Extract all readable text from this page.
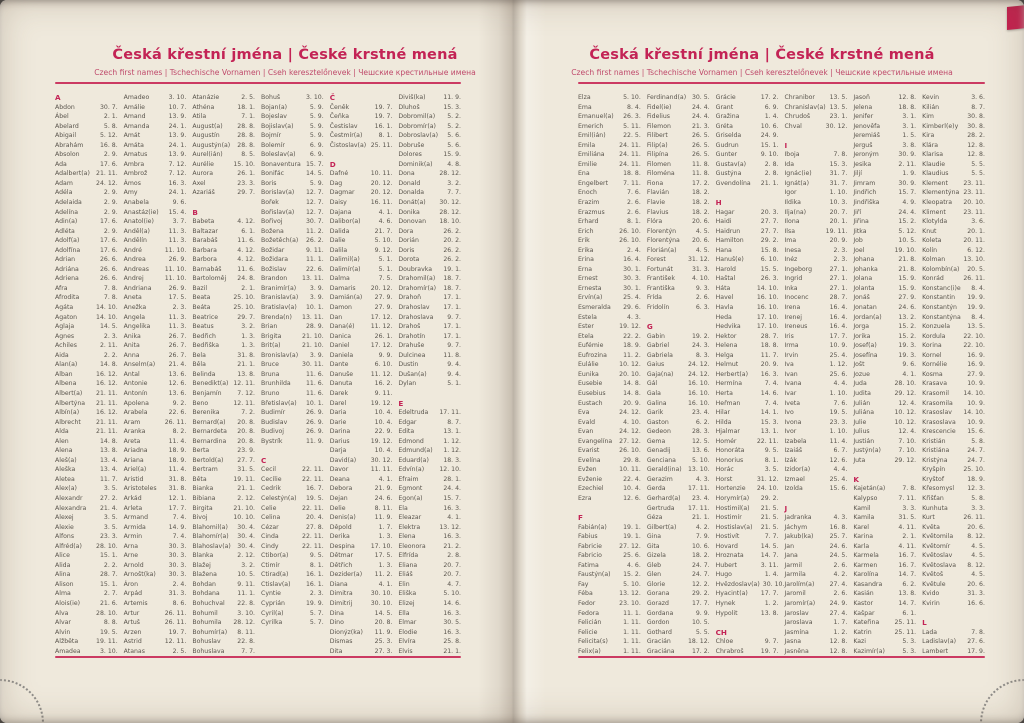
Česká křestní jména | České krstné mená
Czech first names | Tschechische Vornamen | Cseh keresztelőnevek | Чешские крестильные имена
A
Abdon	30. 7.
Ábel	2. 1.
Abelard	5. 8.
Abigail	5. 12.
Abrahám	16. 8.
Absolon	2. 9.
Ada	17. 6.
Adalbert(a) 21. 11.
Adam	24. 12.
Adéla	2. 9.
Adelaida	2. 9.
Adelína	2. 9.
Adin(a)	17. 6.
Adléta	2. 9.
Adolf(a)	17. 6.
Adolfína	17. 6.
Adrian	26. 6.
Adriána	26. 6.
Adriena	26. 6.
Afra	7. 8.
Afrodita	7. 8.
Agáta	14. 10.
Agaton	14. 10.
Aglaja	14. 5.
Agnes	2. 3.
Achiles	2. 11.
Aida	2. 2.
Alan(a)	14. 8.
Alban	16. 12.
Albena	16. 12.
Albert(a) 21. 11.
Albertýna 21. 11.
Albín(a)	16. 12.
Albrecht 21. 11.
Alda	21. 11.
Alen	14. 8.
Alena	13. 8.
Aleš(a)	13. 4.
Aleška	13. 4.
Aletea	11. 7.
Alex(a)	3. 5.
Alexandr	27. 2.
Alexandra 21. 4.
Alexej	3. 5.
Alexie	3. 5.
Alfons	23. 3.
Alfréd(a) 28. 10.
Alice	15. 1.
Alida	2. 2.
Alina	28. 7.
Alison	15. 1.
Alma	2. 7.
Alois(ie)	21. 6.
Alva	28. 10.
Alvar	8. 8.
Alvin	19. 5.
Alžběta	19. 11.
Amadea	3. 10.
Amadeo	3. 10.
Amálie	10. 7.
Amand	13. 9.
Amanda	24. 1.
Amát	13. 9.
Amáta	24. 1.
Amatus	13. 9.
Ambra	7. 12.
Ambrož	7. 12.
Ámos	16. 3.
Amy	24. 1.
Anabela	9. 6.
Anastáz(ie) 15. 4.
Anatol(ie)	3. 7.
Anděl(a)	11. 3.
Andělín	11. 3.
André	11. 10.
Andrea	26. 9.
Andreas	11. 10.
Andrej	11. 10.
Andriana	26. 9.
Aneta	17. 5.
Anežka	2. 3.
Angela	11. 3.
Angelika	11. 3.
Anika	26. 7.
Anita	26. 7.
Anna	26. 7.
Anselm(a) 21. 4.
Antal	13. 6.
Antonie	12. 6.
Antonín	13. 6.
Apolena	9. 2.
Arabela	22. 6.
Aram	26. 11.
Aranka	8. 2.
Areta	11. 4.
Ariadna	18. 9.
Ariana	18. 9.
Ariel(a)	11. 4.
Aristid	31. 8.
Aristoteles 31. 8.
Arkád	12. 1.
Arleta	17. 7.
Armand	7. 4.
Armida	14. 9.
Armin	7. 4.
Arna	30. 3.
Arne	30. 3.
Arnold	30. 3.
Arnošt(ka) 30. 3.
Áron	2. 4.
Arpád	31. 3.
Artemis	8. 6.
Artur	26. 11.
Artuš	26. 11.
Arzen	19. 7.
Astrid	12. 11.
Atanas	2. 5.
Atanázie	2. 5.
Athéna	18. 1.
Atila	7. 1.
August(a) 28. 8.
Augustín	28. 8.
Augustýn(a) 28. 8.
Aurel(ián)	8. 5.
Aurélie	15. 10.
Aurora	26. 1.
Axel	23. 3.
Azariáš	29. 7.
B
Babeta	4. 12.
Baltazar	6. 1.
Barabáš	11. 6.
Barbara	4. 12.
Barbora	4. 12.
Barnabáš	11. 6.
Bartoloměj 24. 8.
Bazil	2. 1.
Beata	25. 10.
Beáta	25. 10.
Beatrice	29. 7.
Beatus	3. 2.
Bedřich	1. 3.
Bedřiška	1. 3.
Bela	31. 8.
Běla	21. 1.
Belinda	13. 8.
Benedikt(a) 12. 11.
Benjamín	7. 12.
Beno	12. 11.
Berenika	7. 2.
Bernard(a) 20. 8.
Bernardeta 20. 8.
Bernardina 20. 8.
Berta	23. 9.
Bertold(a) 27. 7.
Bertram	31. 5.
Běta	19. 11.
Bianka	21. 1.
Bibiana	2. 12.
Birgita	21. 10.
Bivoj	10. 10.
Blahomil(a) 30. 4.
Blahomír(a) 30. 4.
Blahoslav(a) 30. 4.
Blanka	2. 12.
Blažej	3. 2.
Blažena	10. 5.
Bohdan	9. 11.
Bohdana	11. 1.
Bohuchval 22. 8.
Bohumil	3. 10.
Bohumila 28. 12.
Bohumír(a) 8. 11.
Bohuslav	22. 8.
Bohuslava	7. 7.
Bohuš	3. 10.
Bojan(a)	5. 9.
Bojeslav	5. 9.
Bojislav(a)	5. 9.
Bojmír	5. 9.
Bolemír	6. 9.
Boleslav(a) 6. 9.
Bonaventura 15. 7.
Bonifác	14. 5.
Boris	5. 9.
Borislav(a) 12. 7.
Bořek	12. 7.
Bořislav(a) 12. 7.
Bořivoj	30. 7.
Božena	11. 2.
Božetěch(a) 26. 2.
Božidar	9. 11.
Božidara	11. 1.
Božislav	22. 6.
Brandon 13. 11.
Branimír(a) 3. 9.
Branislav(a) 3. 9.
Bratislav(a) 10. 1.
Brenda(n) 13. 11.
Brian	28. 9.
Brigita	21. 10.
Brit(a)	21. 10.
Bronislav(a) 3. 9.
Bruce	30. 11.
Bruna	11. 6.
Brunhilda 11. 6.
Bruno	11. 6.
Břetislav(a) 10. 1.
Budimír	26. 9.
Budislav	26. 9.
Budivoj	26. 9.
Bystrík	11. 9.
C
Cecil	22. 11.
Cecílie	22. 11.
Cedrik	16. 7.
Celestýn(a) 19. 5.
Celie	22. 11.
Celina	20. 4.
Cézar	27. 8.
Cinda	22. 11.
Cindy	22. 11.
Ctibor(a)	9. 5.
Ctimír	8. 1.
Ctirad(a)	16. 1.
Ctislav(a) 16. 1.
Cyntie	2. 3.
Cyprián	19. 9.
Cyril(a)	5. 7.
Cyrilka	5. 7.
Č
Čeněk	19. 7.
Čeňka	19. 7.
Čestislav	16. 1.
Čestmír(a)	8. 1.
Čistoslav(a) 25. 11.
D
Dafné	10. 11.
Dag	20. 12.
Dagmar	20. 12.
Daisy	16. 11.
Dajana	4. 1.
Dalibor(a)	4. 6.
Dalida	21. 7.
Dalie	5. 10.
Dalila	9. 12.
Dalimil(a)	5. 1.
Dalimír(a)	5. 1.
Dalma	7. 5.
Damaris 20. 12.
Damián(a) 27. 9.
Damon	27. 9.
Dan	17. 12.
Dana(é)	11. 12.
Danica	26. 1.
Daniel	17. 12.
Daniela	9. 9.
Dante	6. 10.
Danuše	11. 12.
Danuta	16. 2.
Darek	9. 11.
Darel	19. 12.
Daria	10. 4.
Darie	10. 4.
Darina	22. 9.
Darius	19. 12.
Darja	10. 4.
David(a) 30. 12.
Davor	11. 11.
Deana	4. 1.
Debora	21. 9.
Dejan	24. 6.
Delie	8. 11.
Denis(a)	11. 9.
Děpold	1. 7.
Derika	1. 3.
Despina	17. 10.
Dětmar	17. 5.
Dětřich	1. 3.
Dezider(a) 11. 2.
Diana	4. 1.
Dimitra	30. 10.
Dimitrij	30. 10.
Dina	14. 5.
Dino	20. 8.
Dionýz(ka) 11. 9.
Dismas	25. 3.
Dita	27. 3.
Diviš(ka)	11. 9.
Dluhoš	15. 3.
Dobromil(a) 5. 2.
Dobromír(a) 5. 2.
Dobroslav(a) 5. 6.
Dobruše	5. 6.
Dolores	15. 9.
Dominik(a) 4. 8.
Dona	28. 12.
Donald	3. 2.
Donalda	7. 7.
Donát(a) 30. 12.
Donika	28. 12.
Donovan 18. 10.
Dora	26. 2.
Dorián	20. 2.
Doris	26. 2.
Dorota	26. 2.
Doubravka 19. 1.
Drahomil(a) 18. 7.
Drahomír(a) 18. 7.
Drahoň	17. 1.
Drahoslav 17. 1.
Drahoslava 9. 7.
Drahoš	17. 1.
Drahotín	17. 1.
Drahuše	9. 7.
Dulcinea	11. 8.
Dustin	9. 4.
Dušan(a)	9. 4.
Dylan	5. 1.
E
Edeltruda 17. 11.
Edgar	8. 7.
Edita	13. 1.
Edmond	1. 12.
Edmund(a) 1. 12.
Eduard(a) 18. 3.
Edvín(a) 12. 10.
Efraim	28. 1.
Egmont	24. 4.
Egon(a)	15. 7.
Ela	16. 3.
Eleazar	4. 1.
Elektra	13. 12.
Elena	16. 3.
Eleonora	21. 2.
Elfrída	2. 8.
Eliana	20. 7.
Eliáš	20. 7.
Elin	4. 7.
Eliška	5. 10.
Elizej	14. 6.
Ella	16. 3.
Elmar	30. 5.
Elodie	16. 3.
Elvíra	25. 8.
Elvis	21. 1.
Česká křestní jména | České krstné mená
Czech first names | Tschechische Vornamen | Cseh keresztelőnevek | Чешские крестильные имена
Elza	5. 10.
Ema	8. 4.
Emanuel(a) 26. 3.
Emerich	5. 11.
Emil(ián)	22. 5.
Emila	24. 11.
Emiliána 24. 11.
Emilie	24. 11.
Ena	18. 8.
Engelbert 7. 11.
Enoch	7. 6.
Erazim	2. 6.
Erazmus	2. 6.
Erhard	8. 1.
Erich	26. 10.
Erik	26. 10.
Erika	2. 4.
Erina	16. 4.
Erna	30. 1.
Ernest	30. 3.
Ernesta	30. 1.
Ervín(a)	25. 4.
Esmeralda 29. 6.
Estela	4. 3.
Ester	19. 12.
Etela	22. 2.
Eufémie	18. 9.
Eufrozina	11. 2.
Eulálie	10. 12.
Eunika	20. 10.
Eusebie	14. 8.
Eusebius	14. 8.
Eustach	20. 9.
Eva	24. 12.
Evald	4. 10.
Evan	24. 12.
Evangelína 27. 12.
Evarist	26. 10.
Evelína	29. 8.
Evžen	10. 11.
Evženie	22. 4.
Ezechiel	10. 4.
Ezra	12. 6.
F
Fabián(a)	19. 1.
Fabius	19. 1.
Fabricie	27. 12.
Fabricio	25. 6.
Fatima	4. 6.
Faustýn(a) 15. 2.
Fay	5. 10.
Féba	13. 12.
Fedor	23. 10.
Fedora	11. 1.
Felicián	1. 11.
Felicie	1. 11.
Felicita(s) 1. 11.
Felix(a)	1. 11.
Ferdinand(a) 30. 5.
Fidel(ie)	24. 4.
Fidelius	24. 4.
Filemon	21. 3.
Filibert	26. 5.
Filip(a)	26. 5.
Filipína	26. 5.
Filomen	11. 8.
Filoména	11. 8.
Fiona	17. 2.
Flavián	18. 2.
Flavie	18. 2.
Flavius	18. 2.
Flóra	20. 6.
Florentýn	4. 5.
Florentýna 20. 6.
Florián(a)	4. 5.
Forest	31. 12.
Fortunát	31. 3.
František	4. 10.
Františka	9. 3.
Frída	2. 6.
Fridolín	6. 3.
G
Gabin	19. 2.
Gabriel	24. 3.
Gabriela	8. 3.
Gaius	24. 12.
Gaja(na) 24. 12.
Gál	16. 10.
Gala	16. 10.
Galina	16. 10.
Garik	23. 4.
Gaston	6. 2.
Gedeon	28. 3.
Gema	12. 5.
Genadij	13. 6.
Genciana	5. 10.
Gerald(ina) 13. 10.
Gerazim	4. 3.
Gerda	17. 11.
Gerhard(a) 23. 4.
Gertruda 17. 11.
Géza	21. 1.
Gilbert(a)	4. 2.
Gina	7. 9.
Gita	10. 6.
Gizela	18. 2.
Gleb	24. 7.
Glen	24. 7.
Glorie	12. 2.
Gorana	29. 2.
Gorazd	17. 7.
Gordana	9. 9.
Gordon	10. 5.
Gothard	5. 5.
Gracián	18. 12.
Graciána	17. 2.
Grácie	17. 2.
Grant	6. 9.
Gražina	1. 4.
Gréta	10. 6.
Griselda	24. 9.
Gudrun	15. 1.
Gunter	9. 10.
Gustav(a)	2. 8.
Gustýna	2. 8.
Gvendolína 21. 1.
H
Hagar	20. 3.
Haidi	27. 7.
Haidrun	27. 7.
Hamilton	29. 2.
Hana	15. 8.
Hanuš(e)	6. 10.
Harold	15. 5.
Haštal	26. 3.
Háta	14. 10.
Havel	16. 10.
Havla	16. 10.
Heda	17. 10.
Hedvika	17. 10.
Hektor	28. 7.
Helena	18. 8.
Helga	11. 7.
Helmut	20. 9.
Herbert(a) 16. 3.
Hermína	7. 4.
Herta	14. 6.
Heřman	7. 4.
Hilar	14. 1.
Hilda	15. 3.
Hjalmar	13. 1.
Homér	22. 11.
Honoráta	9. 5.
Honorius	8. 1.
Horác	3. 5.
Horst	31. 12.
Hortenzie 24. 10.
Horymír(a) 29. 2.
Hostimil(a) 21. 5.
Hostimír	21. 5.
Hostislav(a) 21. 5.
Hostivít	7. 7.
Hovard	14. 5.
Hroznata	14. 7.
Hubert	3. 11.
Hugo	1. 4.
Hvězdoslav(a) 30. 10.
Hyacint(a) 17. 7.
Hynek	1. 2.
Hypolit	13. 8.
CH
Chloe	9. 7.
Chrabroš	19. 7.
Chranibor 13. 5.
Chranislav(a) 13. 5.
Chrudoš	23. 1.
Chval	30. 12.
I
Iboja	7. 8.
Ida	15. 3.
Ignác(ie)	31. 7.
Ignát(a)	31. 7.
Igor	1. 10.
Ildika	10. 3.
Ilja(na)	20. 7.
Ilona	20. 1.
Ilsa	19. 11.
Ima	20. 9.
Inesa	2. 3.
Inéz	2. 3.
Ingeborg	27. 1.
Ingrid	27. 1.
Inka	27. 1.
Inocenc	28. 7.
Irena	16. 4.
Irenej	16. 4.
Ireneus	16. 4.
Iris	17. 7.
Irma	10. 9.
Irvin	25. 4.
Iva	1. 12.
Ivan	25. 6.
Ivana	4. 4.
Ivar	1. 10.
Iveta	7. 6.
Ivo	19. 5.
Ivona	23. 3.
Ivor	1. 10.
Izabela	11. 4.
Izaiáš	6. 7.
Izák	12. 6.
Izidor(a)	4. 4.
Izmael	25. 4.
Izolda	15. 6.
J
Jadranka	4. 3.
Jáchym	16. 8.
Jakub(ka)	25. 7.
Jan	24. 6.
Jana	24. 5.
Jarmil	2. 6.
Jarmila	4. 2.
Jarolím(a) 27. 4.
Jaromil	2. 6.
Jaromír(a) 24. 9.
Jaroslav	27. 4.
Jaroslava	1. 7.
Jasmína	1. 2.
Jasna	12. 8.
Jasněna	12. 8.
Jasoň	12. 8.
Jelena	18. 8.
Jenifer	3. 1.
Jenověfa	3. 1.
Jeremiáš	1. 5.
Jerguš	3. 8.
Jeroným	30. 9.
Jesika	2. 11.
Jiljí	1. 9.
Jimram	30. 9.
Jindřich	15. 7.
Jindřiška	4. 9.
Jiří	24. 4.
Jiřina	15. 2.
Jitka	5. 12.
Job	10. 5.
Joel	19. 10.
Johana	21. 8.
Johanka	21. 8.
Jolana	15. 9.
Jolanta	15. 9.
Jonáš	27. 9.
Jonatan	24. 6.
Jordan(a)	13. 2.
Jorga	15. 2.
Jorika	15. 2.
Josef(a)	19. 3.
Josefína	19. 3.
Jošt	9. 6.
Jozue	4. 1.
Juda	28. 10.
Judita	29. 12.
Julián	12. 4.
Juliána	10. 12.
Julie	10. 12.
Julius	12. 4.
Justián	7. 10.
Justýn(a)	7. 10.
Juta	29. 12.
K
Kajetán(a)	7. 8.
Kalypso	7. 11.
Kamil	3. 3.
Kamila	31. 5.
Karel	4. 11.
Karina	2. 1.
Karla	4. 11.
Karmela	16. 7.
Karmen	16. 7.
Karolína	14. 7.
Kasandra	6. 2.
Kasián	13. 8.
Kastor	14. 7.
Kašpar	6. 1.
Kateřina 25. 11.
Katrin	25. 11.
Kazi	5. 3.
Kazimír(a)	5. 3.
Kevin	3. 6.
Kilián	8. 7.
Kim	30. 8.
Kimberl(e)y 30. 8.
Kira	28. 2.
Klára	12. 8.
Klarisa	12. 8.
Klaudie	5. 5.
Klaudius	5. 5.
Klement 23. 11.
Klementýna 23. 11.
Kleopatra 20. 10.
Kliment	23. 11.
Klotylda	3. 6.
Knut	20. 1.
Koleta	20. 11.
Kolín	6. 12.
Kolman	13. 10.
Kolombín(a) 20. 5.
Konrád	26. 11.
Konstanc(i)e 8. 4.
Konstantin 19. 9.
Konstantýn 19. 9.
Konstantýna 8. 4.
Konzuela	13. 5.
Kordula	22. 10.
Korina	22. 10.
Kornel	16. 9.
Kornélie	16. 9.
Kosma	27. 9.
Krasava	10. 9.
Krasomil 14. 10.
Krasomila 10. 9.
Krasoslav 14. 10.
Krasoslava 10. 9.
Krescencie 15. 6.
Kristián	5. 8.
Kristiána	24. 7.
Kristýna	24. 7.
Kryšpín	25. 10.
Kryštof	18. 9.
Křesomysl 12. 3.
Křišťan	5. 8.
Kunhuta	3. 3.
Kurt	26. 11.
Květa	20. 6.
Květomila 8. 12.
Květomír	4. 5.
Květoslav	4. 5.
Květoslava 8. 12.
Květoš	4. 5.
Květule	20. 6.
Kvido	31. 3.
Kvirin	16. 6.
L
Lada	7. 8.
Ladislav(a) 27. 6.
Lambert	17. 9.
